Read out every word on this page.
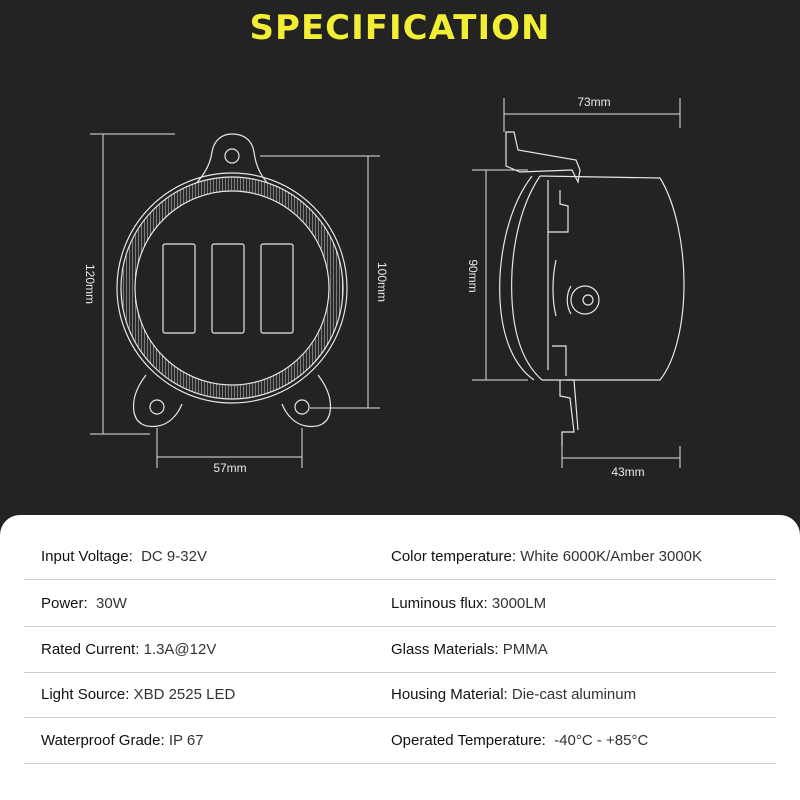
SPECIFICATION
120mm	100mm
57mm
73mm
90mm
43mm
Input Voltage: DC 9-32V	Color temperature: White 6000K/Amber 3000K
Power: 30W	Luminous flux: 3000LM
Rated Current: 1.3A@12V	Glass Materials: PMMA
Light Source: XBD 2525 LED	Housing Material: Die-cast aluminum
Waterproof Grade: IP 67	Operated Temperature: -40°C - +85°C
